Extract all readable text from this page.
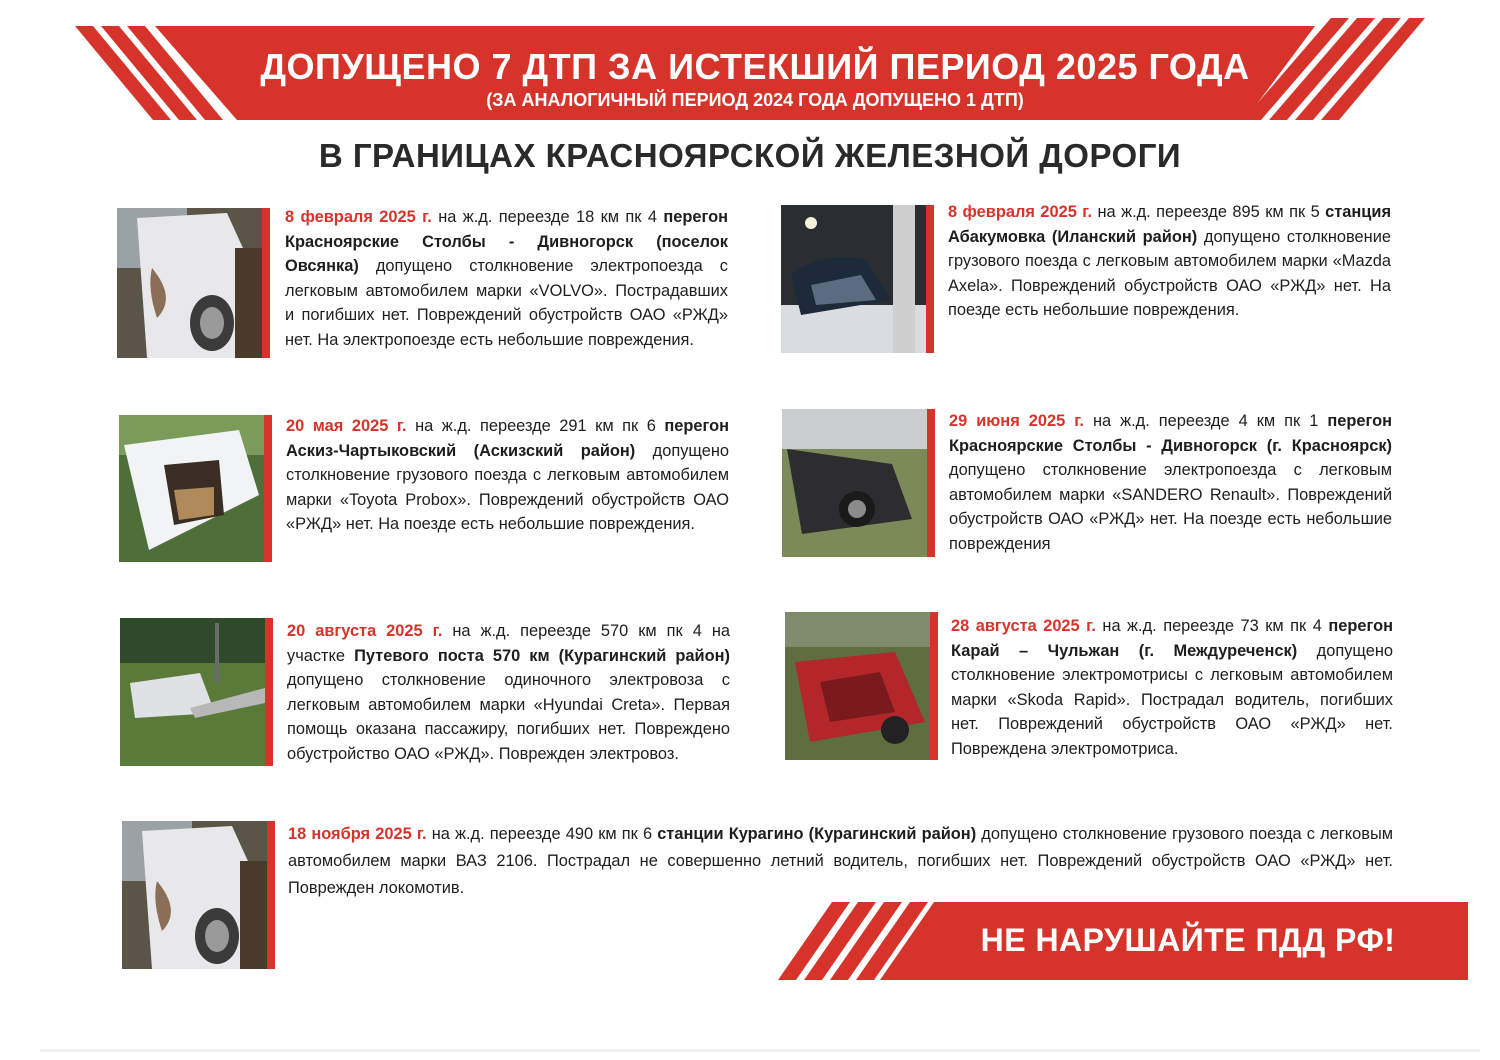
ДОПУЩЕНО 7 ДТП ЗА ИСТЕКШИЙ ПЕРИОД 2025 ГОДА
(ЗА АНАЛОГИЧНЫЙ ПЕРИОД 2024 ГОДА ДОПУЩЕНО 1 ДТП)
В ГРАНИЦАХ КРАСНОЯРСКОЙ ЖЕЛЕЗНОЙ ДОРОГИ
8 февраля 2025 г. на ж.д. переезде 18 км пк 4 перегон Красноярские Столбы - Дивногорск (поселок Овсянка) допущено столкновение электропоезда с легковым автомобилем марки «VOLVO». Пострадавших и погибших нет. Повреждений обустройств ОАО «РЖД» нет. На электропоезде есть небольшие повреждения.
8 февраля 2025 г. на ж.д. переезде 895 км пк 5 станция Абакумовка (Иланский район) допущено столкновение грузового поезда с легковым автомобилем марки «Mazda Axela». Повреждений обустройств ОАО «РЖД» нет. На поезде есть небольшие повреждения.
20 мая 2025 г. на ж.д. переезде 291 км пк 6 перегон Аскиз-Чартыковский (Аскизский район) допущено столкновение грузового поезда с легковым автомобилем марки «Toyota Probox». Повреждений обустройств ОАО «РЖД» нет. На поезде есть небольшие повреждения.
29 июня 2025 г. на ж.д. переезде 4 км пк 1 перегон Красноярские Столбы - Дивногорск (г. Красноярск) допущено столкновение электропоезда с легковым автомобилем марки «SANDERO Renault». Повреждений обустройств ОАО «РЖД» нет. На поезде есть небольшие повреждения
20 августа 2025 г. на ж.д. переезде 570 км пк 4 на участке Путевого поста 570 км (Курагинский район) допущено столкновение одиночного электровоза с легковым автомобилем марки «Hyundai Creta». Первая помощь оказана пассажиру, погибших нет. Повреждено обустройство ОАО «РЖД». Поврежден электровоз.
28 августа 2025 г. на ж.д. переезде 73 км пк 4 перегон Карай – Чульжан (г. Междуреченск) допущено столкновение электромотрисы с легковым автомобилем марки «Skoda Rapid». Пострадал водитель, погибших нет. Повреждений обустройств ОАО «РЖД» нет. Повреждена электромотриса.
18 ноября 2025 г. на ж.д. переезде 490 км пк 6 станции Курагино (Курагинский район) допущено столкновение грузового поезда с легковым автомобилем марки ВАЗ 2106. Пострадал не совершенно летний водитель, погибших нет. Повреждений обустройств ОАО «РЖД» нет. Поврежден локомотив.
НЕ НАРУШАЙТЕ ПДД РФ!
